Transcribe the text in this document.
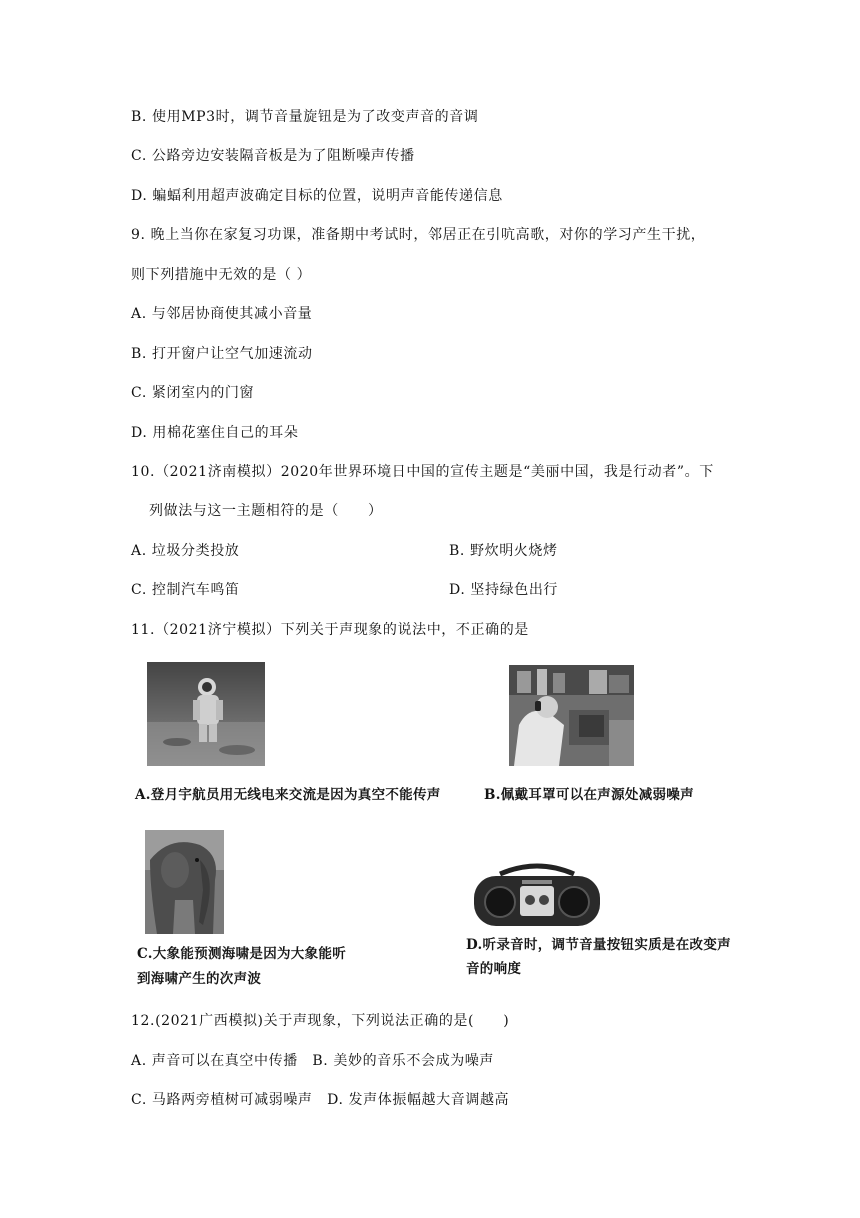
B. 使用MP3时，调节音量旋钮是为了改变声音的音调
C. 公路旁边安装隔音板是为了阻断噪声传播
D. 蝙蝠利用超声波确定目标的位置，说明声音能传递信息
9. 晚上当你在家复习功课，准备期中考试时，邻居正在引吭高歌，对你的学习产生干扰，
则下列措施中无效的是（ ）
A. 与邻居协商使其减小音量
B. 打开窗户让空气加速流动
C. 紧闭室内的门窗
D. 用棉花塞住自己的耳朵
10.（2021济南模拟）2020年世界环境日中国的宣传主题是“美丽中国，我是行动者”。下
列做法与这一主题相符的是（　　）
A. 垃圾分类投放	B. 野炊明火烧烤
C. 控制汽车鸣笛	D. 坚持绿色出行
11.（2021济宁模拟）下列关于声现象的说法中，不正确的是
A.登月宇航员用无线电来交流是因为真空不能传声	B.佩戴耳罩可以在声源处减弱噪声
C.大象能预测海啸是因为大象能听
到海啸产生的次声波
D.听录音时，调节音量按钮实质是在改变声
音的响度
12.(2021广西模拟)关于声现象，下列说法正确的是(　　)
A. 声音可以在真空中传播　B. 美妙的音乐不会成为噪声
C. 马路两旁植树可减弱噪声　D. 发声体振幅越大音调越高
